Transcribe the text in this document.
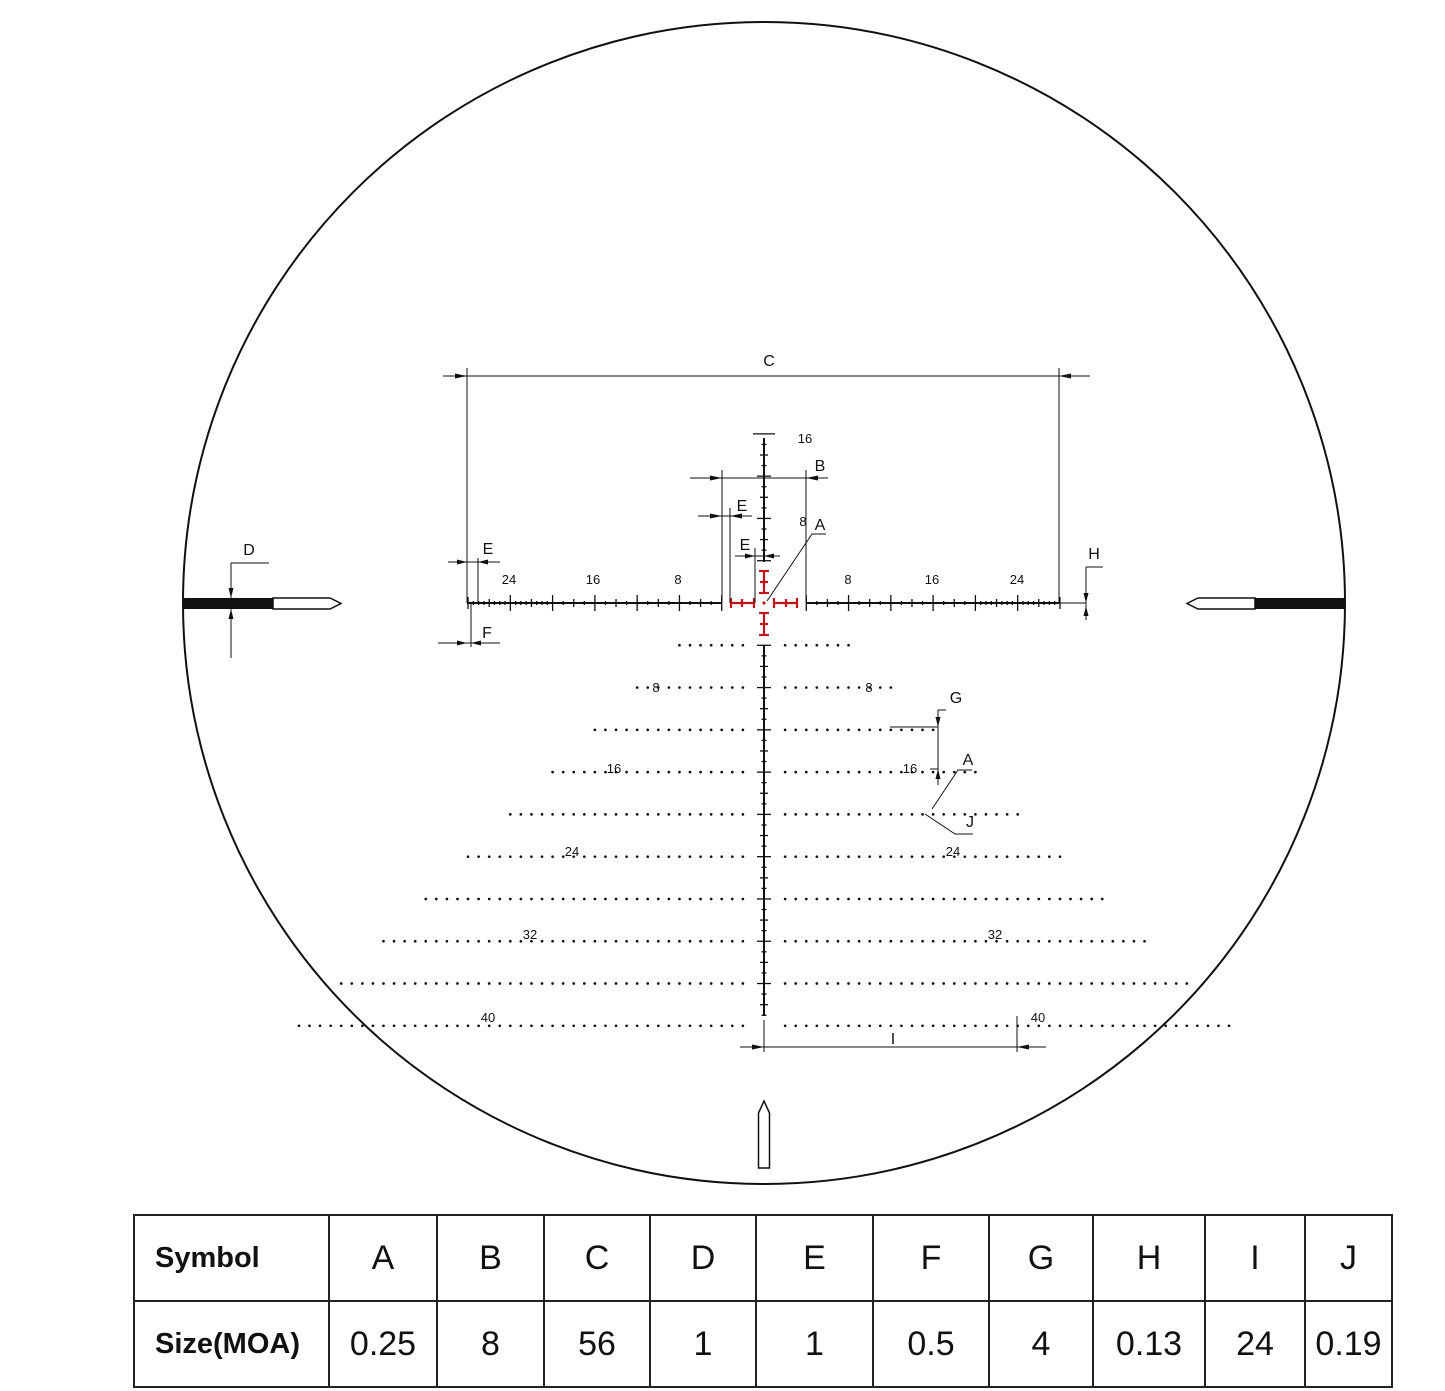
24	16	8	8	16	24
16
8
8	8
16	16
24	24
32	32
40	40
C
B
E
E
E
A
D	H
F
G
A
J
I
Symbol	A	B	C	D	E	F	G	H	I	J
Size(MOA)	0.25	8	56	1	1	0.5	4	0.13	24	0.19
